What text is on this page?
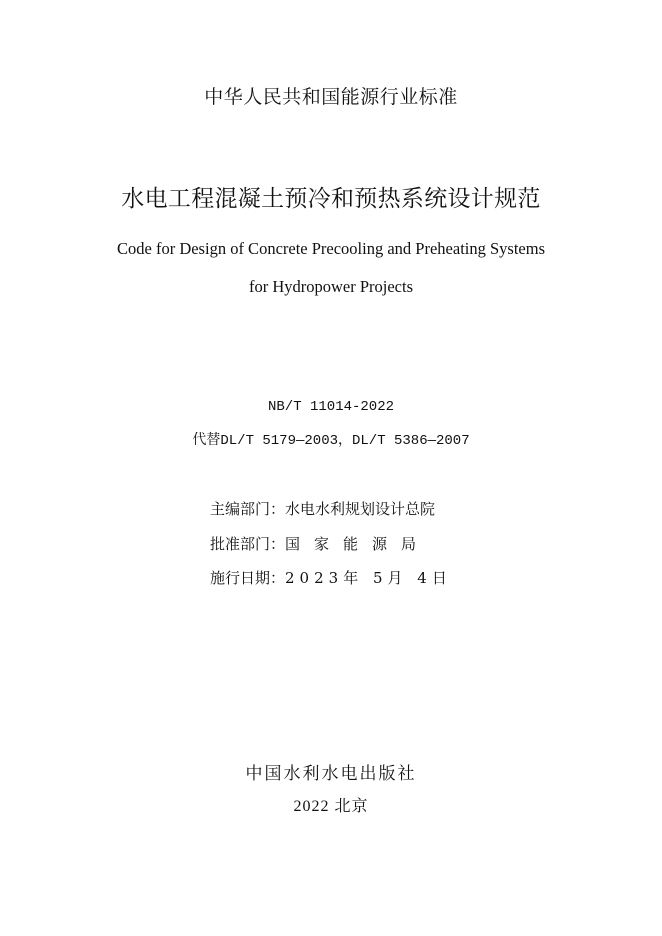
中华人民共和国能源行业标准
水电工程混凝土预冷和预热系统设计规范
Code for Design of Concrete Precooling and Preheating Systems
for Hydropower Projects
NB/T 11014-2022
代替DL/T 5179—2003，DL/T 5386—2007
主编部门：水电水利规划设计总院
批准部门：国家能源局
施行日期：2023年 5月 4日
中国水利水电出版社
2022 北京
